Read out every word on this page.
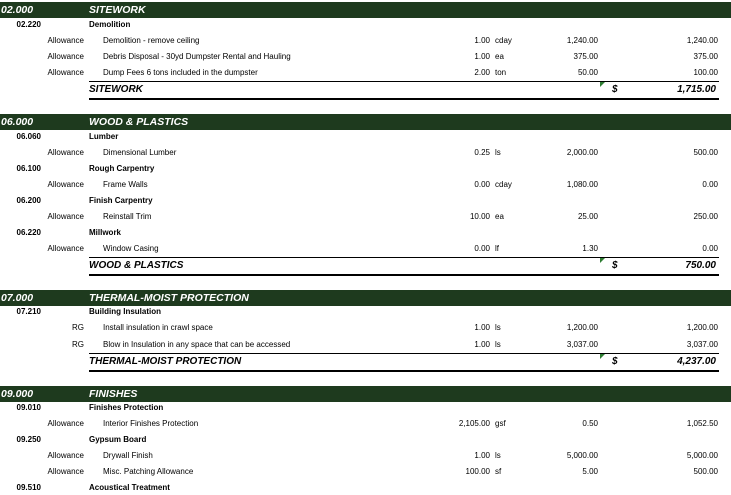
02.000	SITEWORK
02.220	Demolition
Allowance Demolition - remove ceiling	1.00 cday	1,240.00	1,240.00
Allowance Debris Disposal - 30yd Dumpster Rental and Hauling	1.00 ea	375.00	375.00
Allowance Dump Fees 6 tons included in the dumpster	2.00 ton	50.00	100.00
SITEWORK	$	1,715.00
06.000	WOOD & PLASTICS
06.060	Lumber
Allowance Dimensional Lumber	0.25 ls	2,000.00	500.00
06.100	Rough Carpentry
Allowance Frame Walls	0.00 cday	1,080.00	0.00
06.200	Finish Carpentry
Allowance Reinstall Trim	10.00 ea	25.00	250.00
06.220	Millwork
Allowance Window Casing	0.00 lf	1.30	0.00
WOOD & PLASTICS	$	750.00
07.000	THERMAL-MOIST PROTECTION
07.210	Building Insulation
RG Install insulation in crawl space	1.00 ls	1,200.00	1,200.00
RG Blow in Insulation in any space that can be accessed	1.00 ls	3,037.00	3,037.00
THERMAL-MOIST PROTECTION	$	4,237.00
09.000	FINISHES
09.010	Finishes Protection
Allowance Interior Finishes Protection	2,105.00 gsf	0.50	1,052.50
09.250	Gypsum Board
Allowance Drywall Finish	1.00 ls	5,000.00	5,000.00
Allowance Misc. Patching Allowance	100.00 sf	5.00	500.00
09.510	Acoustical Treatment
